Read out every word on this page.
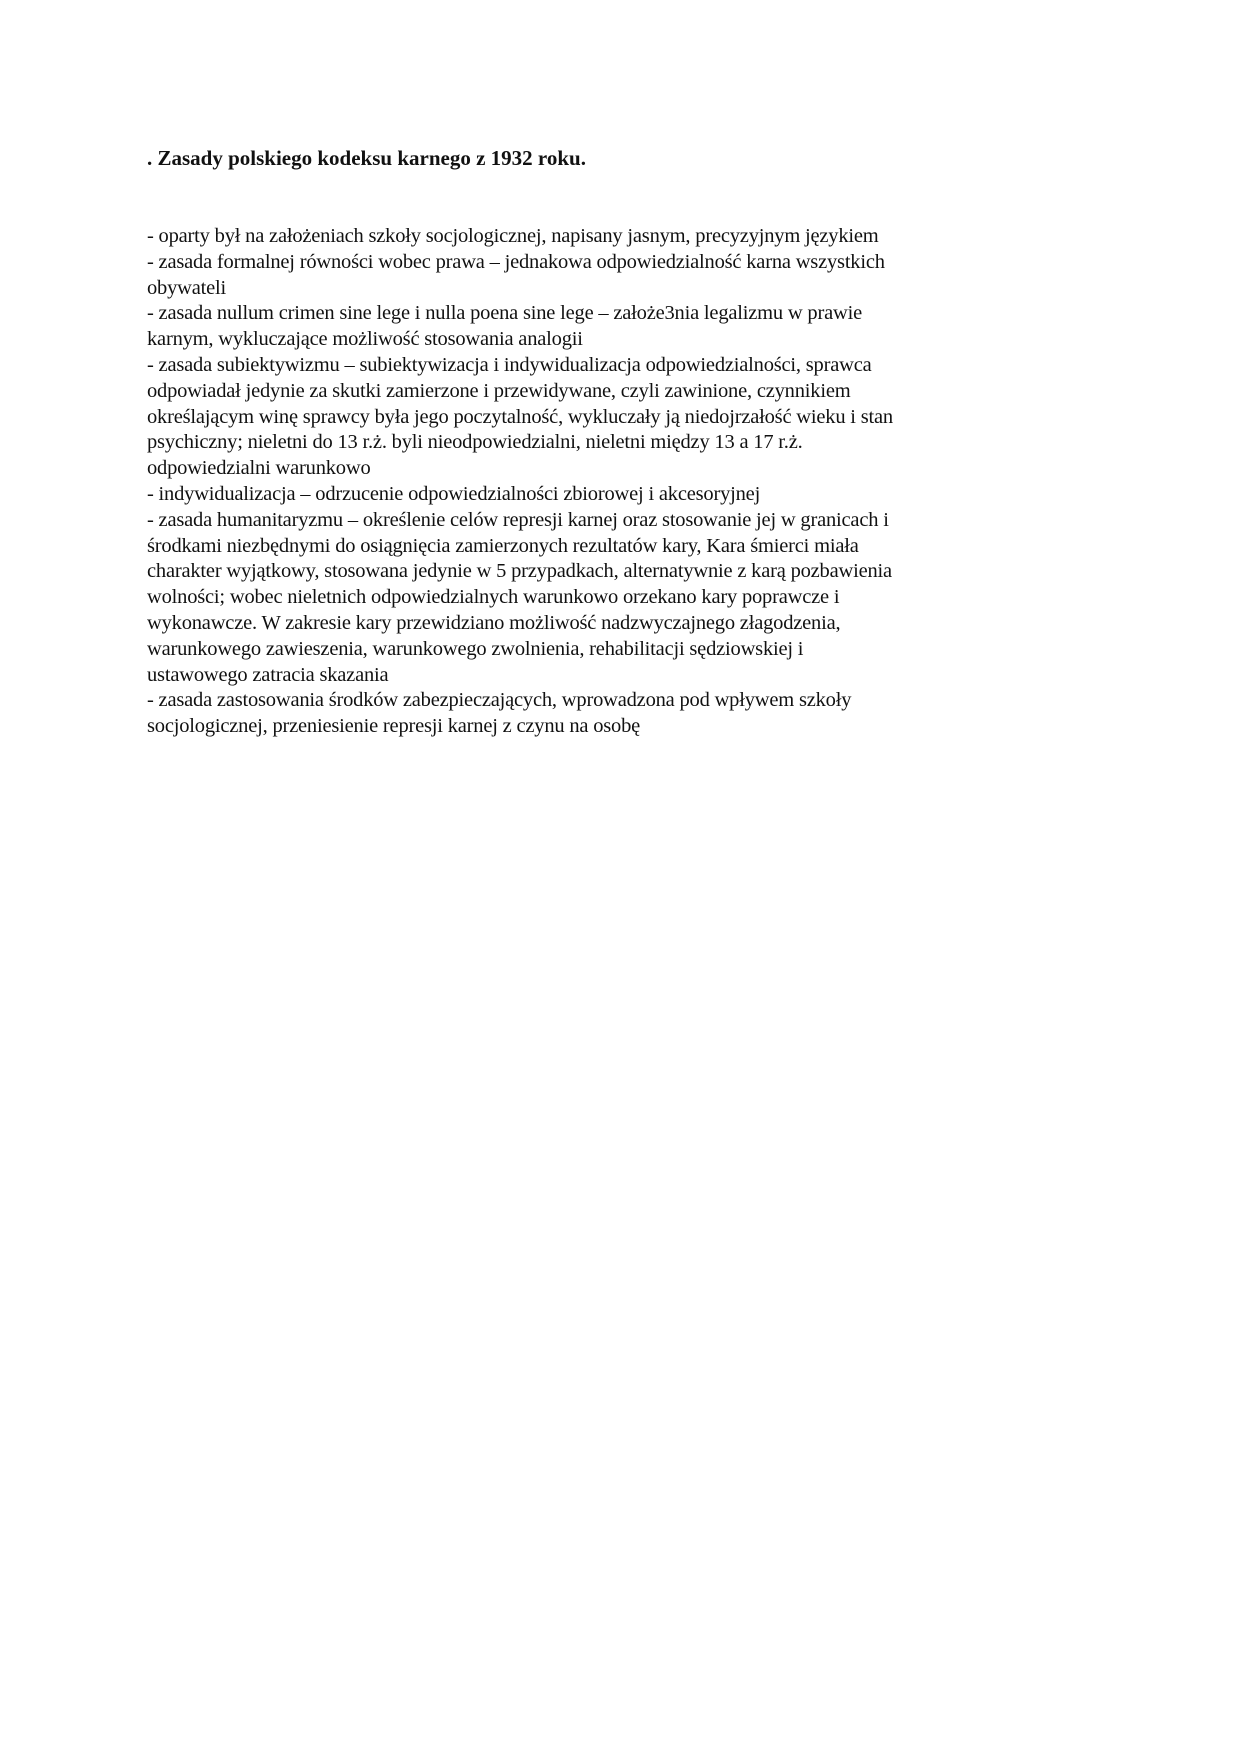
. Zasady polskiego kodeksu karnego z 1932 roku.
- oparty był na założeniach szkoły socjologicznej, napisany jasnym, precyzyjnym językiem
- zasada formalnej równości wobec prawa – jednakowa odpowiedzialność karna wszystkich
obywateli
- zasada nullum crimen sine lege i nulla poena sine lege – założe3nia legalizmu w prawie
karnym, wykluczające możliwość stosowania analogii
- zasada subiektywizmu – subiektywizacja i indywidualizacja odpowiedzialności, sprawca
odpowiadał jedynie za skutki zamierzone i przewidywane, czyli zawinione, czynnikiem
określającym winę sprawcy była jego poczytalność, wykluczały ją niedojrzałość wieku i stan
psychiczny; nieletni do 13 r.ż. byli nieodpowiedzialni, nieletni między 13 a 17 r.ż.
odpowiedzialni warunkowo
- indywidualizacja – odrzucenie odpowiedzialności zbiorowej i akcesoryjnej
- zasada humanitaryzmu – określenie celów represji karnej oraz stosowanie jej w granicach i
środkami niezbędnymi do osiągnięcia zamierzonych rezultatów kary, Kara śmierci miała
charakter wyjątkowy, stosowana jedynie w 5 przypadkach, alternatywnie z karą pozbawienia
wolności; wobec nieletnich odpowiedzialnych warunkowo orzekano kary poprawcze i
wykonawcze. W zakresie kary przewidziano możliwość nadzwyczajnego złagodzenia,
warunkowego zawieszenia, warunkowego zwolnienia, rehabilitacji sędziowskiej i
ustawowego zatracia skazania
- zasada zastosowania środków zabezpieczających, wprowadzona pod wpływem szkoły
socjologicznej, przeniesienie represji karnej z czynu na osobę
